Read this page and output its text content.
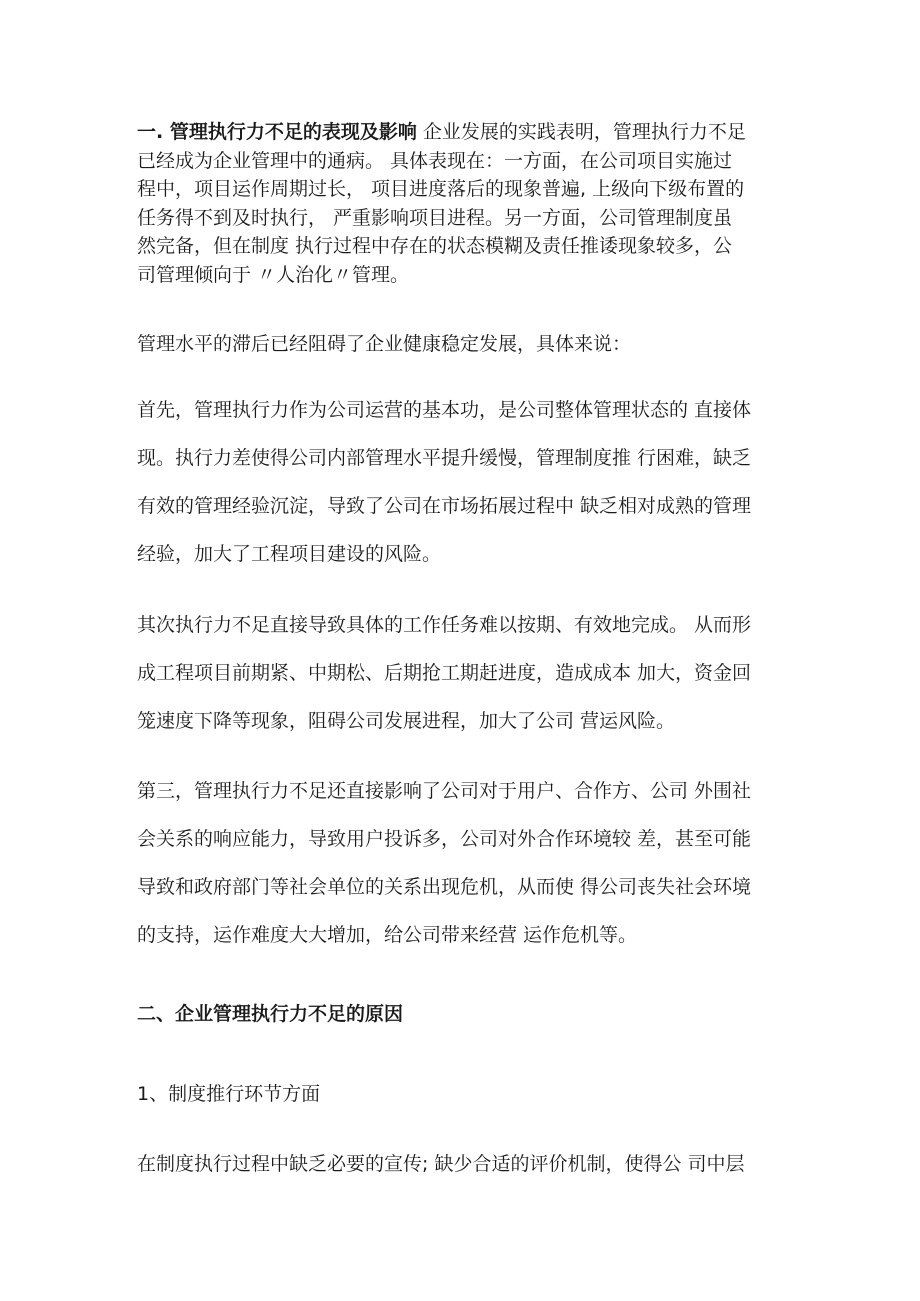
一. 管理执行力不足的表现及影响 企业发展的实践表明，管理执行力不足
已经成为企业管理中的通病。 具体表现在：一方面，在公司项目实施过
程中，项目运作周期过长， 项目进度落后的现象普遍, 上级向下级布置的
任务得不到及时执行， 严重影响项目进程。另一方面，公司管理制度虽
然完备，但在制度 执行过程中存在的状态模糊及责任推诿现象较多，公
司管理倾向于 〃人治化〃管理。
管理水平的滞后已经阻碍了企业健康稳定发展，具体来说：
首先，管理执行力作为公司运营的基本功，是公司整体管理状态的 直接体
现。执行力差使得公司内部管理水平提升缓慢，管理制度推 行困难，缺乏
有效的管理经验沉淀，导致了公司在市场拓展过程中 缺乏相对成熟的管理
经验，加大了工程项目建设的风险。
其次执行力不足直接导致具体的工作任务难以按期、有效地完成。 从而形
成工程项目前期紧、中期松、后期抢工期赶进度，造成成本 加大，资金回
笼速度下降等现象，阻碍公司发展进程，加大了公司 营运风险。
第三，管理执行力不足还直接影响了公司对于用户、合作方、公司 外围社
会关系的响应能力，导致用户投诉多，公司对外合作环境较 差，甚至可能
导致和政府部门等社会单位的关系出现危机，从而使 得公司丧失社会环境
的支持，运作难度大大增加，给公司带来经营 运作危机等。
二、企业管理执行力不足的原因
1、制度推行环节方面
在制度执行过程中缺乏必要的宣传; 缺少合适的评价机制，使得公 司中层
